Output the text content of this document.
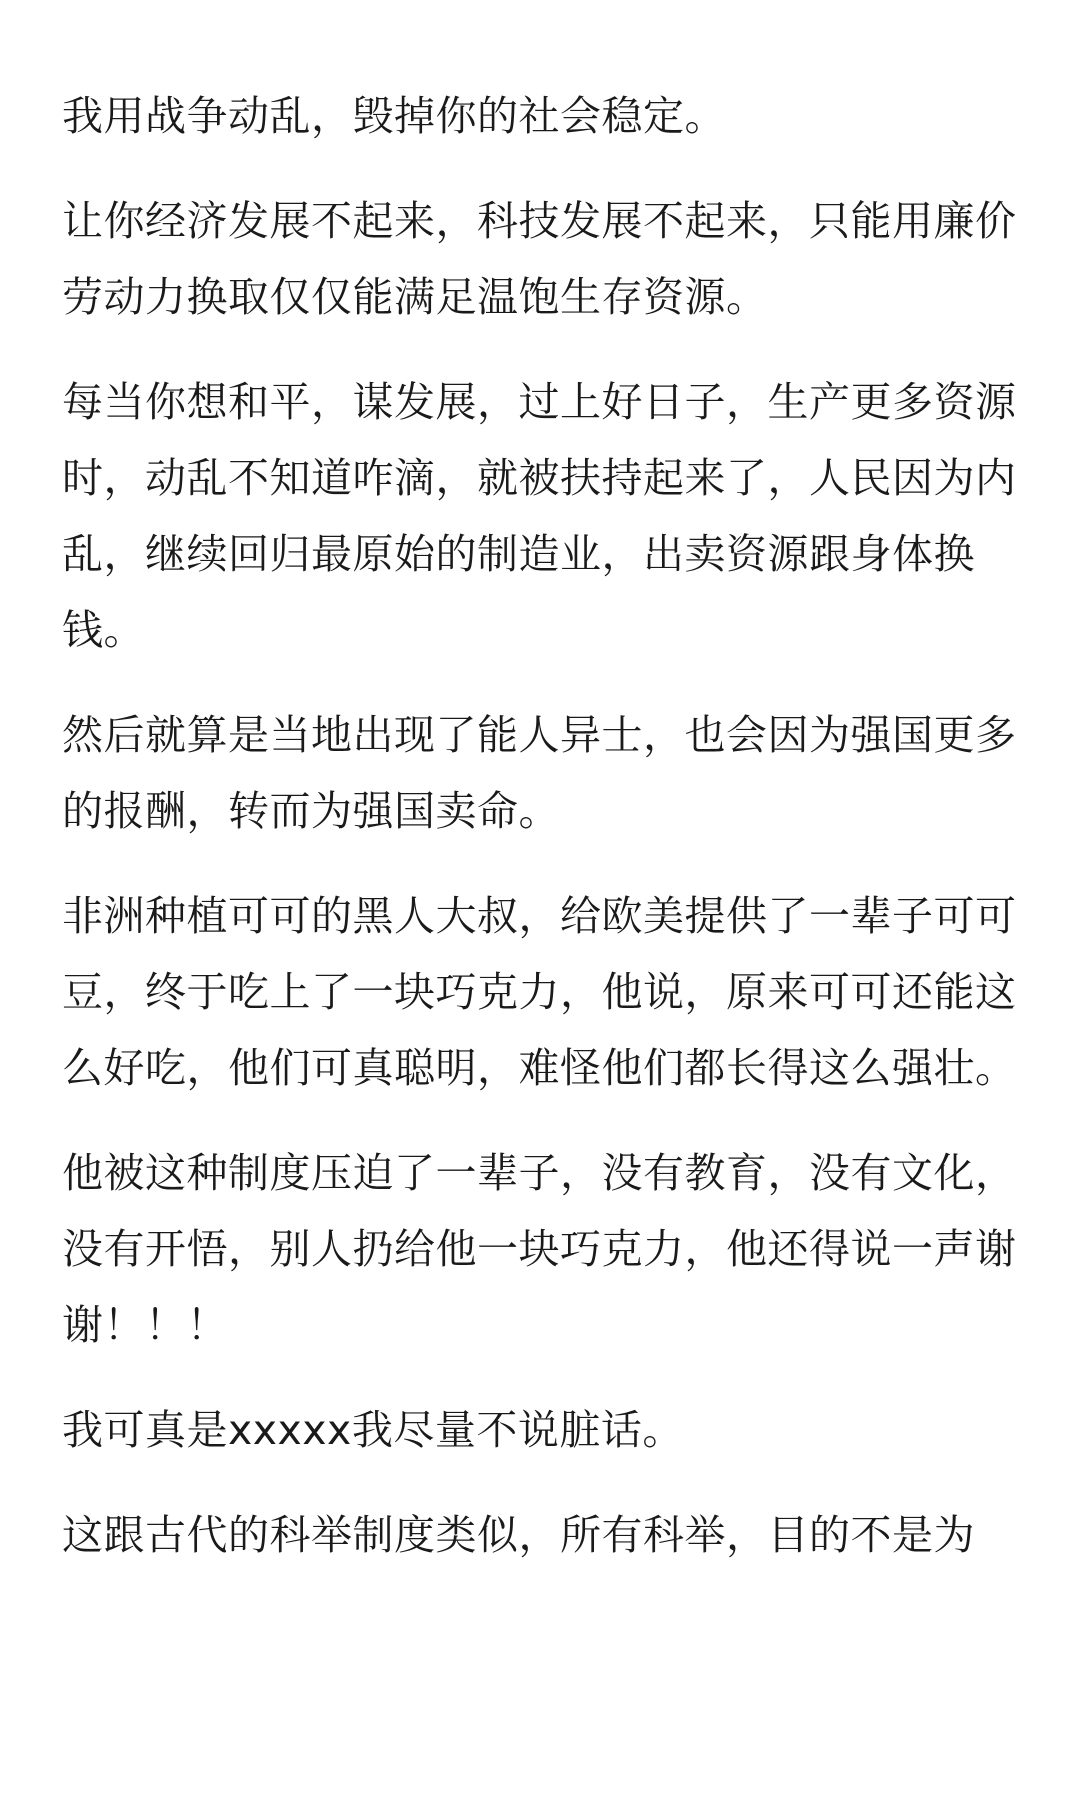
我用战争动乱，毁掉你的社会稳定。

让你经济发展不起来，科技发展不起来，只能用廉价劳动力换取仅仅能满足温饱生存资源。

每当你想和平，谋发展，过上好日子，生产更多资源时，动乱不知道咋滴，就被扶持起来了，人民因为内乱，继续回归最原始的制造业，出卖资源跟身体换钱。

然后就算是当地出现了能人异士，也会因为强国更多的报酬，转而为强国卖命。

非洲种植可可的黑人大叔，给欧美提供了一辈子可可豆，终于吃上了一块巧克力，他说，原来可可还能这么好吃，他们可真聪明，难怪他们都长得这么强壮。

他被这种制度压迫了一辈子，没有教育，没有文化，没有开悟，别人扔给他一块巧克力，他还得说一声谢谢！！！

我可真是xxxxx我尽量不说脏话。

这跟古代的科举制度类似，所有科举，目的不是为
